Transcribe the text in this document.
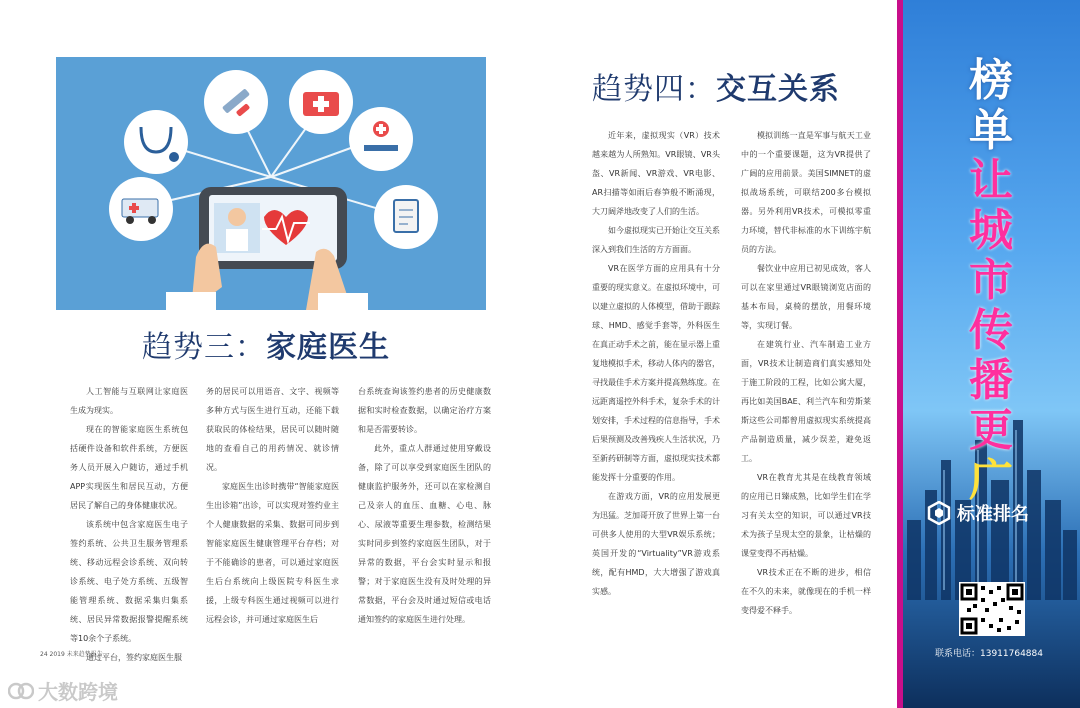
趋势三：家庭医生
趋势四：交互关系

人工智能与互联网让家庭医生成为现实。

现在的智能家庭医生系统包括硬件设备和软件系统，方便医务人员开展入户随访，通过手机APP实现医生和居民互动，方便居民了解自己的身体健康状况。

该系统中包含家庭医生电子签约系统、公共卫生服务管理系统、移动远程会诊系统、双向转诊系统、电子处方系统、五级智能管理系统、数据采集归集系统、居民异常数据报警提醒系统等10余个子系统。

通过平台，签约家庭医生服

务的居民可以用语音、文字、视频等多种方式与医生进行互动，还能下载获取民的体检结果，居民可以随时随地的查看自己的用药情况、就诊情况。

家庭医生出诊时携带“智能家庭医生出诊箱”出诊，可以实现对签约业主个人健康数据的采集、数据可同步到智能家庭医生健康管理平台存档；对于不能确诊的患者，可以通过家庭医生后台系统向上级医院专科医生求援，上级专科医生通过视频可以进行远程会诊，并可通过家庭医生后

台系统查询该签约患者的历史健康数据和实时检查数据，以确定治疗方案和是否需要转诊。

此外，重点人群通过使用穿戴设备，除了可以享受到家庭医生团队的健康监护服务外，还可以在家检测自己及亲人的血压、血糖、心电、脉心、尿液等重要生理参数，检测结果实时同步到签约家庭医生团队，对于异常的数据，平台会实时显示和报警；对于家庭医生没有及时处理的异常数据，平台会及时通过短信或电话通知签约的家庭医生进行处理。

近年来，虚拟现实（VR）技术越来越为人所熟知。VR眼镜、VR头盔、VR新闻、VR游戏、VR电影、AR扫描等如雨后春笋般不断涌现，大刀阔斧地改变了人们的生活。

如今虚拟现实已开始让交互关系深入到我们生活的方方面面。

VR在医学方面的应用具有十分重要的现实意义。在虚拟环境中，可以建立虚拟的人体模型，借助于跟踪球、HMD、感觉手套等，外科医生在真正动手术之前，能在显示器上重复地模拟手术，移动人体内的器官，寻找最佳手术方案并提高熟练度。在远距离遥控外科手术，复杂手术的计划安排，手术过程的信息指导，手术后果预测及改善残疾人生活状况，乃至新药研制等方面，虚拟现实技术都能发挥十分重要的作用。

在游戏方面，VR的应用发展更为迅猛。芝加哥开放了世界上第一台可供多人使用的大型VR娱乐系统；英国开发的“Virtuality”VR游戏系统，配有HMD，大大增强了游戏真实感。

模拟训练一直是军事与航天工业中的一个重要课题，这为VR提供了广阔的应用前景。美国SIMNET的虚拟战场系统，可联结200多台模拟器。另外利用VR技术，可模拟零重力环境，替代非标准的水下训练宇航员的方法。

餐饮业中应用已初见成效，客人可以在家里通过VR眼镜浏览店面的基本布局，桌椅的摆放，用餐环境等，实现订餐。

在建筑行业、汽车制造工业方面，VR技术让制造商们真实感知处于施工阶段的工程，比如公寓大厦，再比如美国BAE、利兰汽车和劳斯莱斯这些公司都曾用虚拟现实系统提高产品制造质量，减少误差，避免返工。

VR在教育尤其是在线教育领域的应用已日臻成熟，比如学生们在学习有关太空的知识，可以通过VR技术为孩子呈现太空的景象，让枯燥的课堂变得不再枯燥。

VR技术正在不断的进步，相信在不久的未来，就像现在的手机一样变得爱不释手。

24 2019 未来趋势报告
大数跨境
榜
单
让
城
市
传
播
更
广
标准排名
联系电话：13911764884
